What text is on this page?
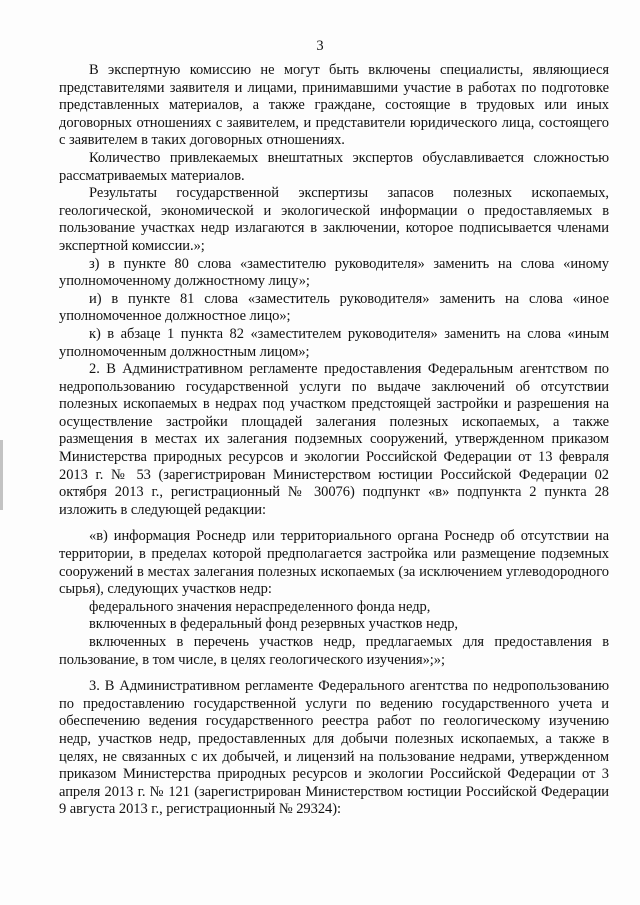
3

В экспертную комиссию не могут быть включены специалисты, являющиеся представителями заявителя и лицами, принимавшими участие в работах по подготовке представленных материалов, а также граждане, состоящие в трудовых или иных договорных отношениях с заявителем, и представители юридического лица, состоящего с заявителем в таких договорных отношениях.

Количество привлекаемых внештатных экспертов обуславливается сложностью рассматриваемых материалов.

Результаты государственной экспертизы запасов полезных ископаемых, геологической, экономической и экологической информации о предоставляемых в пользование участках недр излагаются в заключении, которое подписывается членами экспертной комиссии.»;

з) в пункте 80 слова «заместителю руководителя» заменить на слова «иному уполномоченному должностному лицу»;

и) в пункте 81 слова «заместитель руководителя» заменить на слова «иное уполномоченное должностное лицо»;

к) в абзаце 1 пункта 82 «заместителем руководителя» заменить на слова «иным уполномоченным должностным лицом»;

2. В Административном регламенте предоставления Федеральным агентством по недропользованию государственной услуги по выдаче заключений об отсутствии полезных ископаемых в недрах под участком предстоящей застройки и разрешения на осуществление застройки площадей залегания полезных ископаемых, а также размещения в местах их залегания подземных сооружений, утвержденном приказом Министерства природных ресурсов и экологии Российской Федерации от 13 февраля 2013 г. № 53 (зарегистрирован Министерством юстиции Российской Федерации 02 октября 2013 г., регистрационный № 30076) подпункт «в» подпункта 2 пункта 28 изложить в следующей редакции:

«в) информация Роснедр или территориального органа Роснедр об отсутствии на территории, в пределах которой предполагается застройка или размещение подземных сооружений в местах залегания полезных ископаемых (за исключением углеводородного сырья), следующих участков недр:

федерального значения нераспределенного фонда недр,

включенных в федеральный фонд резервных участков недр,

включенных в перечень участков недр, предлагаемых для предоставления в пользование, в том числе, в целях геологического изучения»;»;

3. В Административном регламенте Федерального агентства по недропользованию по предоставлению государственной услуги по ведению государственного учета и обеспечению ведения государственного реестра работ по геологическому изучению недр, участков недр, предоставленных для добычи полезных ископаемых, а также в целях, не связанных с их добычей, и лицензий на пользование недрами, утвержденном приказом Министерства природных ресурсов и экологии Российской Федерации от 3 апреля 2013 г. № 121 (зарегистрирован Министерством юстиции Российской Федерации 9 августа 2013 г., регистрационный № 29324):
